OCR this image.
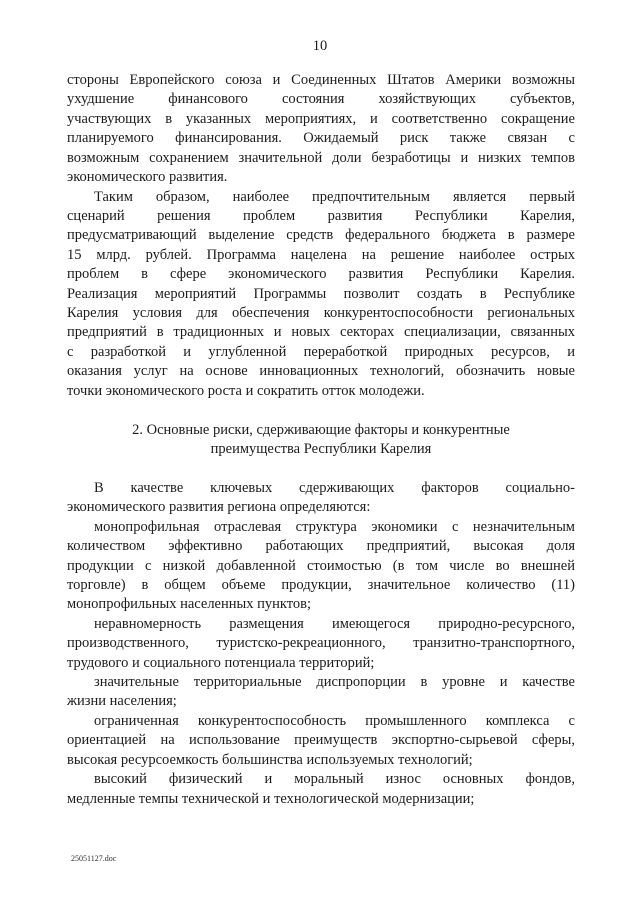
10
стороны Европейского союза и Соединенных Штатов Америки возможны
ухудшение финансового состояния хозяйствующих субъектов,
участвующих в указанных мероприятиях, и соответственно сокращение
планируемого финансирования. Ожидаемый риск также связан с
возможным сохранением значительной доли безработицы и низких темпов
экономического развития.
Таким образом, наиболее предпочтительным является первый
сценарий решения проблем развития Республики Карелия,
предусматривающий выделение средств федерального бюджета в размере
15 млрд. рублей. Программа нацелена на решение наиболее острых
проблем в сфере экономического развития Республики Карелия.
Реализация мероприятий Программы позволит создать в Республике
Карелия условия для обеспечения конкурентоспособности региональных
предприятий в традиционных и новых секторах специализации, связанных
с разработкой и углубленной переработкой природных ресурсов, и
оказания услуг на основе инновационных технологий, обозначить новые
точки экономического роста и сократить отток молодежи.
2. Основные риски, сдерживающие факторы и конкурентные
преимущества Республики Карелия
В качестве ключевых сдерживающих факторов социально-
экономического развития региона определяются:
монопрофильная отраслевая структура экономики с незначительным
количеством эффективно работающих предприятий, высокая доля
продукции с низкой добавленной стоимостью (в том числе во внешней
торговле) в общем объеме продукции, значительное количество (11)
монопрофильных населенных пунктов;
неравномерность размещения имеющегося природно-ресурсного,
производственного, туристско-рекреационного, транзитно-транспортного,
трудового и социального потенциала территорий;
значительные территориальные диспропорции в уровне и качестве
жизни населения;
ограниченная конкурентоспособность промышленного комплекса с
ориентацией на использование преимуществ экспортно-сырьевой сферы,
высокая ресурсоемкость большинства используемых технологий;
высокий физический и моральный износ основных фондов,
медленные темпы технической и технологической модернизации;
25051127.doc
